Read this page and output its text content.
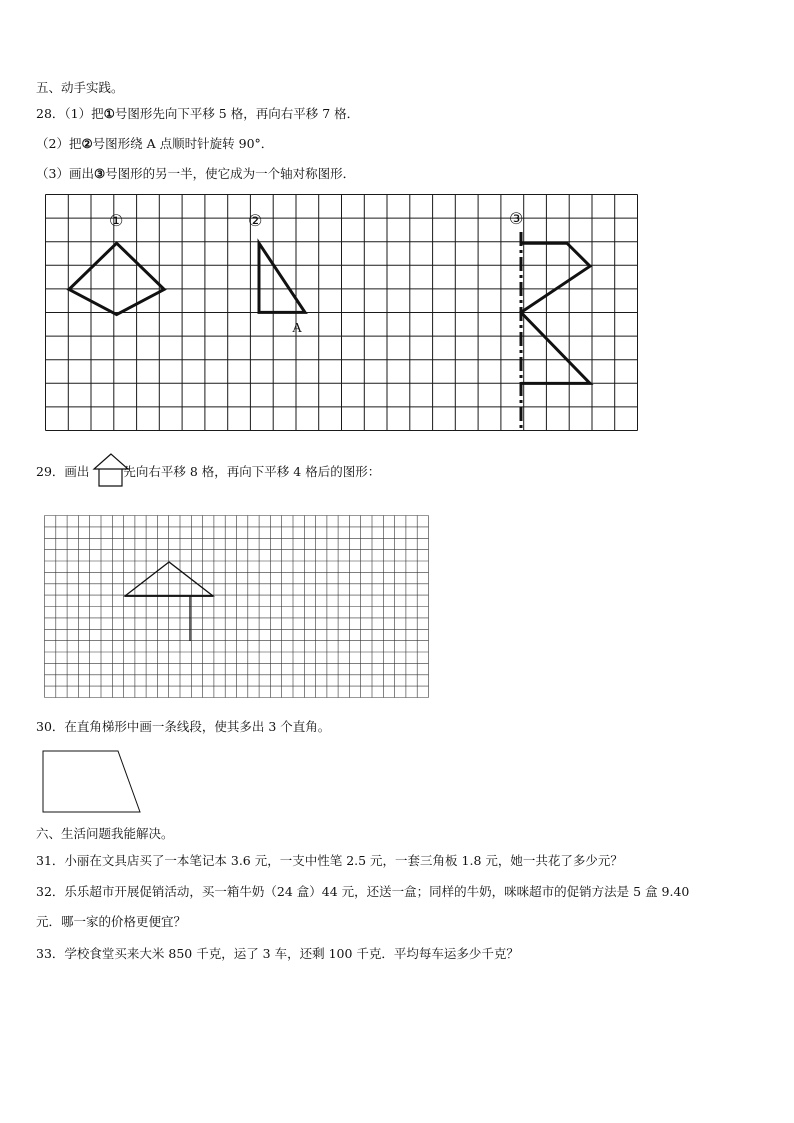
五、动手实践。
28．（1）把①号图形先向下平移 5 格，再向右平移 7 格．
（2）把②号图形绕 A 点顺时针旋转 90°．
（3）画出③号图形的另一半，使它成为一个轴对称图形．
①	②	③
A
29．画出	先向右平移 8 格，再向下平移 4 格后的图形：
30．在直角梯形中画一条线段，使其多出 3 个直角。
六、生活问题我能解决。
31．小丽在文具店买了一本笔记本 3.6 元，一支中性笔 2.5 元，一套三角板 1.8 元，她一共花了多少元？
32．乐乐超市开展促销活动，买一箱牛奶（24 盒）44 元，还送一盒；同样的牛奶，咪咪超市的促销方法是 5 盒 9.40
元．哪一家的价格更便宜？
33．学校食堂买来大米 850 千克，运了 3 车，还剩 100 千克．平均每车运多少千克？
